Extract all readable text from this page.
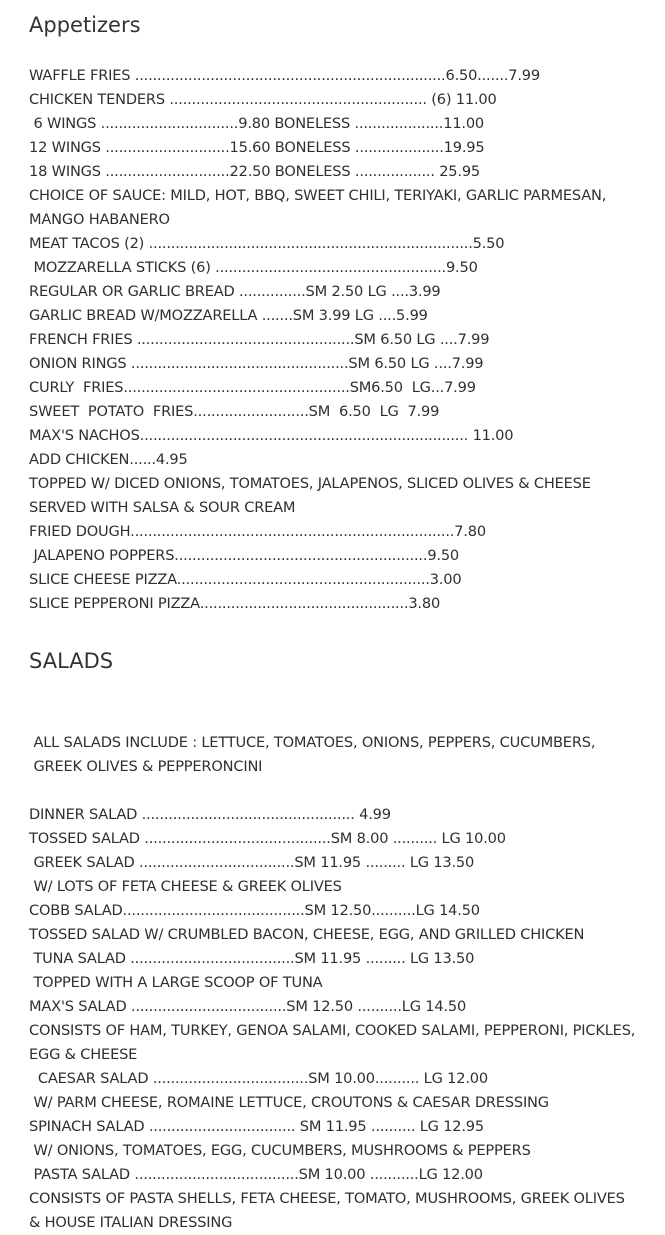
Appetizers
WAFFLE FRIES ......................................................................6.50.......7.99
CHICKEN TENDERS .......................................................... (6) 11.00
6 WINGS ...............................9.80 BONELESS ....................11.00
12 WINGS ............................15.60 BONELESS ....................19.95
18 WINGS ............................22.50 BONELESS .................. 25.95
CHOICE OF SAUCE: MILD, HOT, BBQ, SWEET CHILI, TERIYAKI, GARLIC PARMESAN,
MANGO HABANERO
MEAT TACOS (2) .........................................................................5.50
MOZZARELLA STICKS (6) ....................................................9.50
REGULAR OR GARLIC BREAD ...............SM 2.50 LG ....3.99
GARLIC BREAD W/MOZZARELLA .......SM 3.99 LG ....5.99
FRENCH FRIES .................................................SM 6.50 LG ....7.99
ONION RINGS .................................................SM 6.50 LG ....7.99
CURLY  FRIES...................................................SM6.50  LG...7.99
SWEET  POTATO  FRIES..........................SM  6.50  LG  7.99
MAX'S NACHOS.......................................................................... 11.00
ADD CHICKEN......4.95
TOPPED W/ DICED ONIONS, TOMATOES, JALAPENOS, SLICED OLIVES & CHEESE
SERVED WITH SALSA & SOUR CREAM
FRIED DOUGH.........................................................................7.80
JALAPENO POPPERS.........................................................9.50
SLICE CHEESE PIZZA.........................................................3.00
SLICE PEPPERONI PIZZA...............................................3.80
SALADS
ALL SALADS INCLUDE : LETTUCE, TOMATOES, ONIONS, PEPPERS, CUCUMBERS,
GREEK OLIVES & PEPPERONCINI
DINNER SALAD ................................................ 4.99
TOSSED SALAD ..........................................SM 8.00 .......... LG 10.00
GREEK SALAD ...................................SM 11.95 ......... LG 13.50
W/ LOTS OF FETA CHEESE & GREEK OLIVES
COBB SALAD.........................................SM 12.50..........LG 14.50
TOSSED SALAD W/ CRUMBLED BACON, CHEESE, EGG, AND GRILLED CHICKEN
TUNA SALAD .....................................SM 11.95 ......... LG 13.50
TOPPED WITH A LARGE SCOOP OF TUNA
MAX'S SALAD ...................................SM 12.50 ..........LG 14.50
CONSISTS OF HAM, TURKEY, GENOA SALAMI, COOKED SALAMI, PEPPERONI, PICKLES,
EGG & CHEESE
CAESAR SALAD ...................................SM 10.00.......... LG 12.00
W/ PARM CHEESE, ROMAINE LETTUCE, CROUTONS & CAESAR DRESSING
SPINACH SALAD ................................. SM 11.95 .......... LG 12.95
W/ ONIONS, TOMATOES, EGG, CUCUMBERS, MUSHROOMS & PEPPERS
PASTA SALAD .....................................SM 10.00 ...........LG 12.00
CONSISTS OF PASTA SHELLS, FETA CHEESE, TOMATO, MUSHROOMS, GREEK OLIVES
& HOUSE ITALIAN DRESSING
